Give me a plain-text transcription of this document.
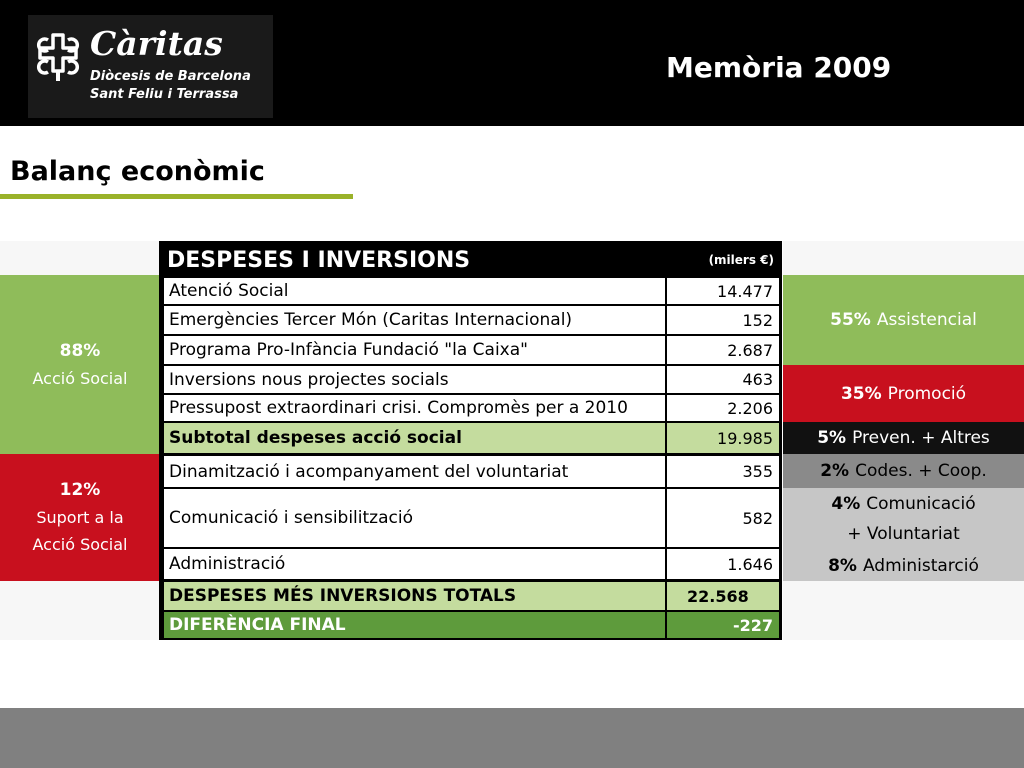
Càritas
Diòcesis de Barcelona
Sant Feliu i Terrassa
Memòria 2009
Balanç econòmic
88%
Acció Social
12%
Suport a la
Acció Social
55% Assistencial
35% Promoció
5% Preven. + Altres
2% Codes. + Coop.
4% Comunicació
+ Voluntariat
8% Administarció
DESPESES I INVERSIONS	(milers €)
Atenció Social	14.477
Emergències Tercer Món (Caritas Internacional)	152
Programa Pro-Infància Fundació "la Caixa"	2.687
Inversions nous projectes socials	463
Pressupost extraordinari crisi. Compromès per a 2010	2.206
Subtotal despeses acció social	19.985
Dinamització i acompanyament del voluntariat	355
Comunicació i sensibilització	582
Administració	1.646
DESPESES MÉS INVERSIONS TOTALS	22.568
DIFERÈNCIA FINAL	-227
